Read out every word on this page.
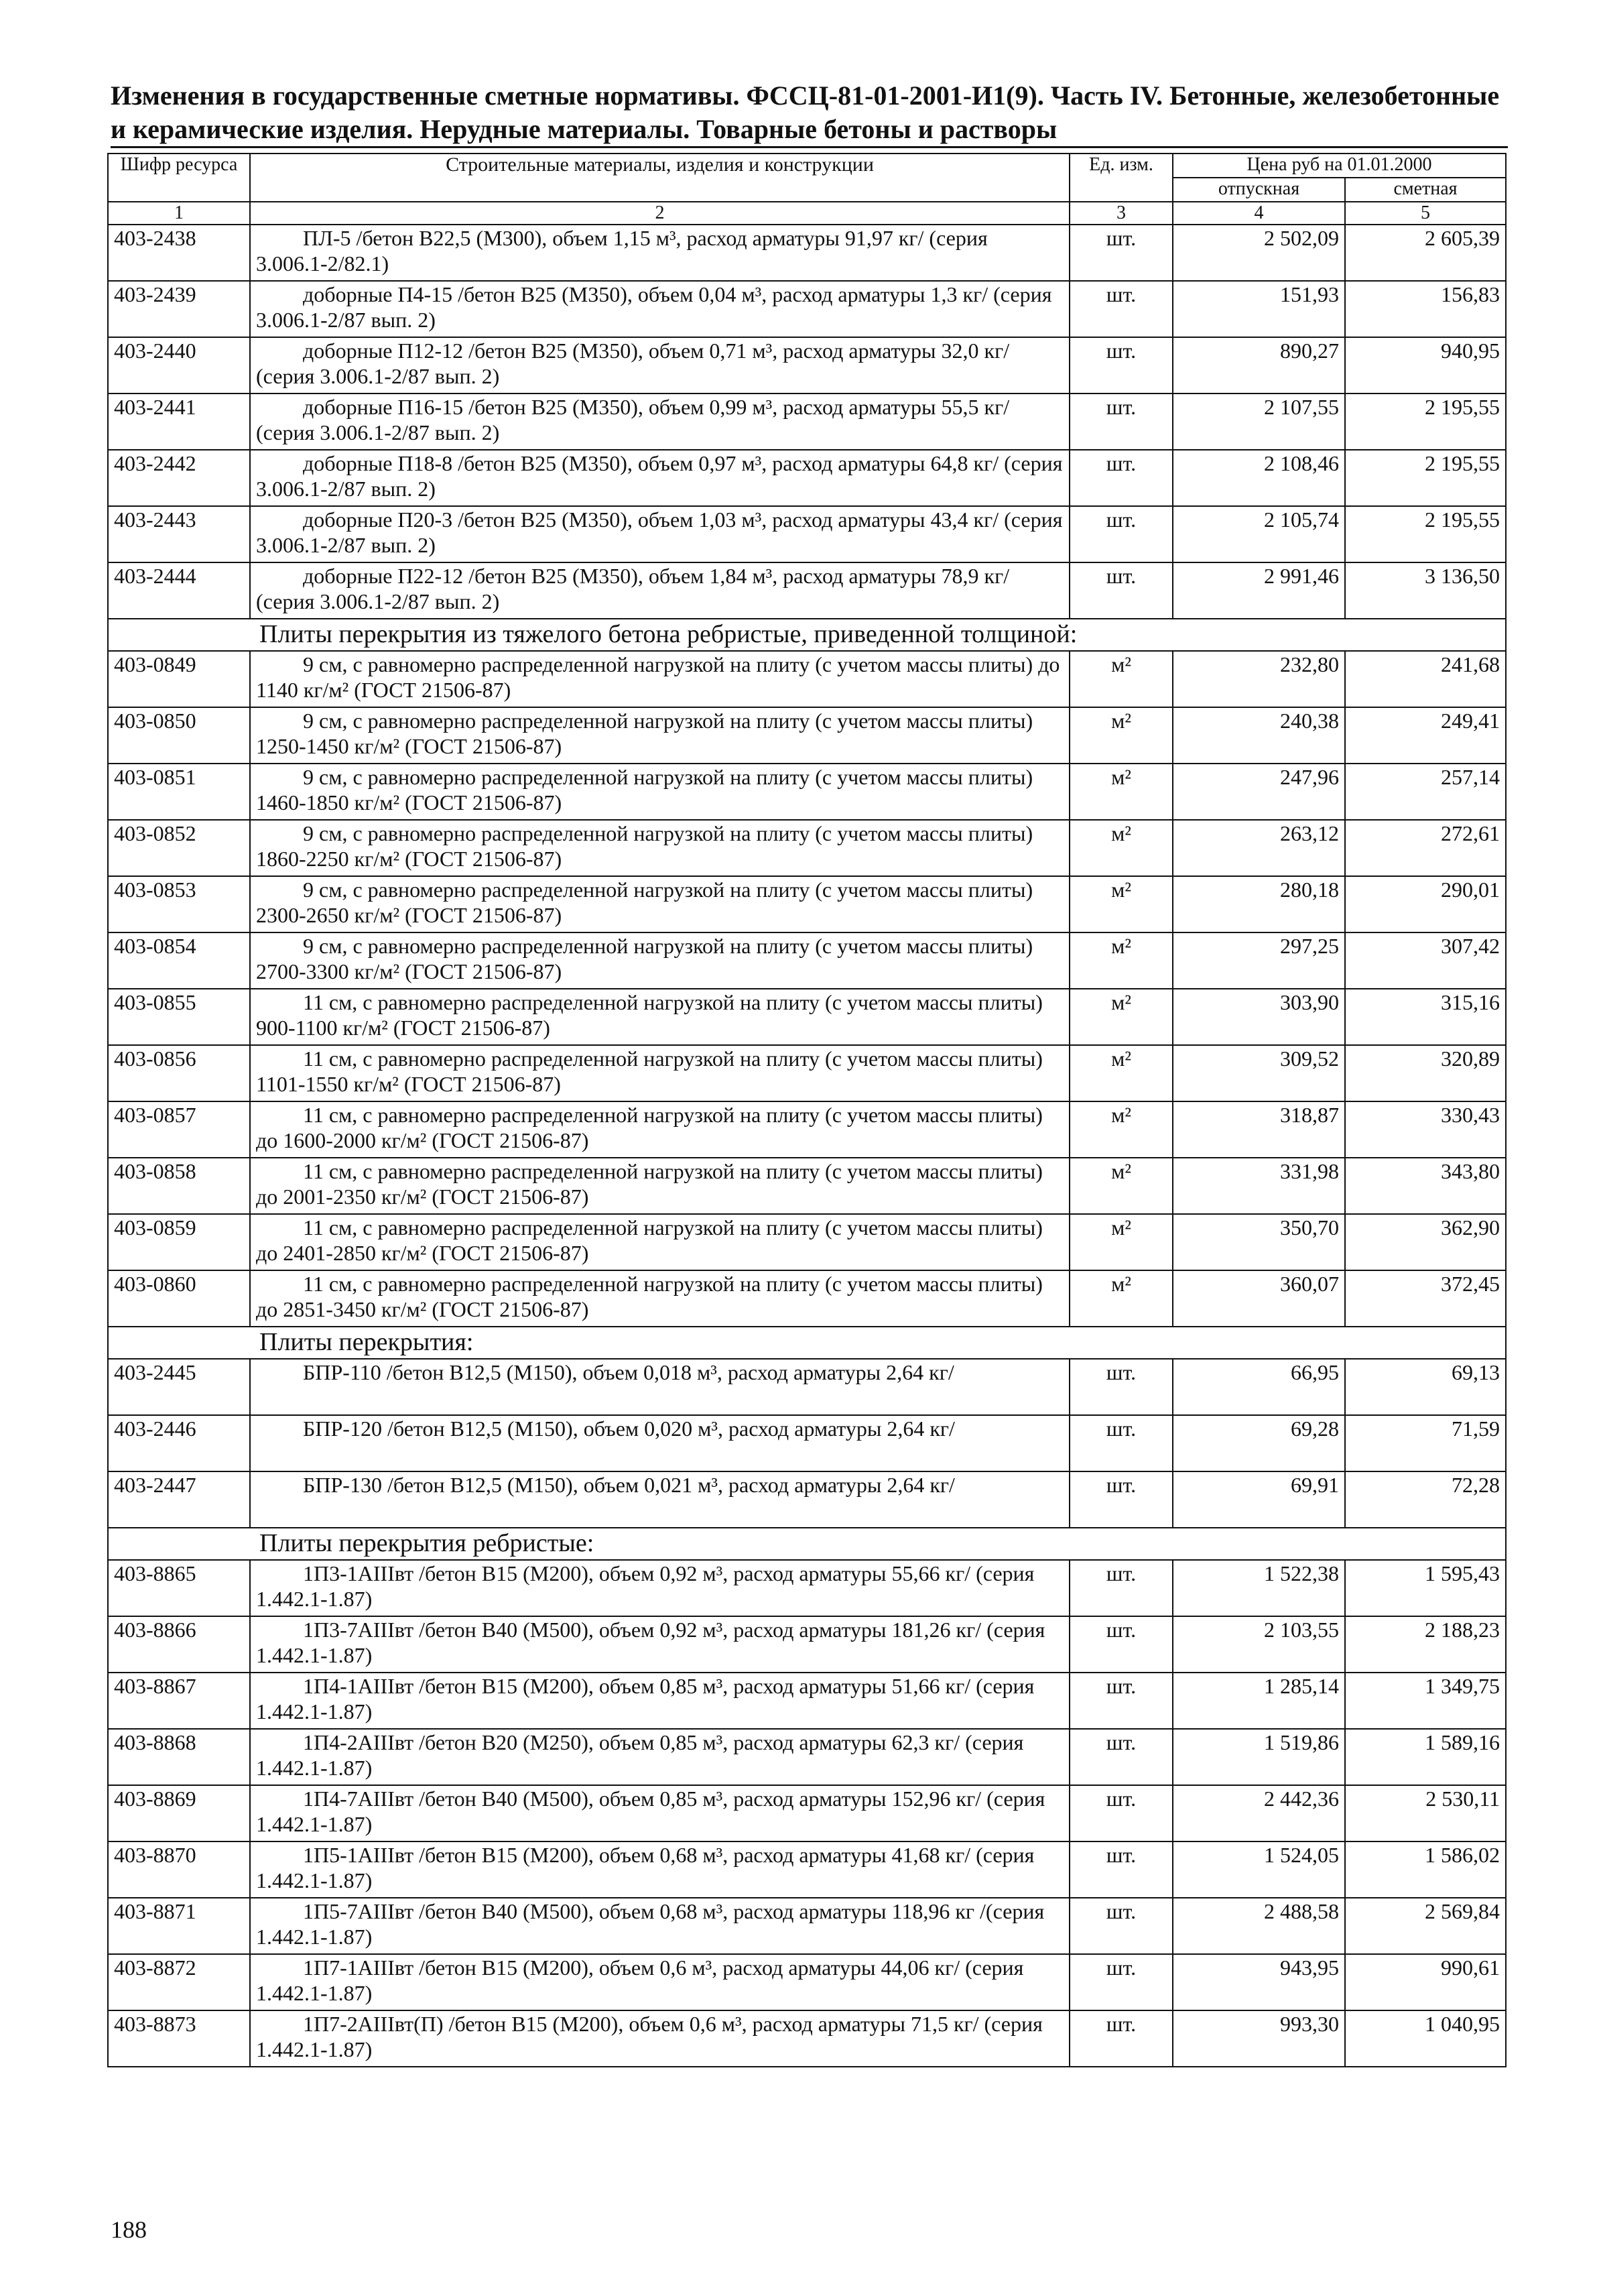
Изменения в государственные сметные нормативы. ФССЦ-81-01-2001-И1(9). Часть IV. Бетонные, железобетонные и керамические изделия. Нерудные материалы. Товарные бетоны и растворы
Шифр ресурса	Строительные материалы, изделия и конструкции	Ед. изм.	Цена руб на 01.01.2000	
			отпускная	сметная
1	2	3	4	5
403-2438	ПЛ-5 /бетон В22,5 (М300), объем 1,15 м³, расход арматуры 91,97 кг/ (серия 3.006.1-2/82.1)	шт.	2 502,09	2 605,39
403-2439	доборные П4-15 /бетон В25 (М350), объем 0,04 м³, расход арматуры 1,3 кг/ (серия 3.006.1-2/87 вып. 2)	шт.	151,93	156,83
403-2440	доборные П12-12 /бетон В25 (М350), объем 0,71 м³, расход арматуры 32,0 кг/ (серия 3.006.1-2/87 вып. 2)	шт.	890,27	940,95
403-2441	доборные П16-15 /бетон В25 (М350), объем 0,99 м³, расход арматуры 55,5 кг/ (серия 3.006.1-2/87 вып. 2)	шт.	2 107,55	2 195,55
403-2442	доборные П18-8 /бетон В25 (М350), объем 0,97 м³, расход арматуры 64,8 кг/ (серия 3.006.1-2/87 вып. 2)	шт.	2 108,46	2 195,55
403-2443	доборные П20-3 /бетон В25 (М350), объем 1,03 м³, расход арматуры 43,4 кг/ (серия 3.006.1-2/87 вып. 2)	шт.	2 105,74	2 195,55
403-2444	доборные П22-12 /бетон В25 (М350), объем 1,84 м³, расход арматуры 78,9 кг/ (серия 3.006.1-2/87 вып. 2)	шт.	2 991,46	3 136,50
Плиты перекрытия из тяжелого бетона ребристые, приведенной толщиной:				
403-0849	9 см, с равномерно распределенной нагрузкой на плиту (с учетом массы плиты) до 1140 кг/м² (ГОСТ 21506-87)	м²	232,80	241,68
403-0850	9 см, с равномерно распределенной нагрузкой на плиту (с учетом массы плиты) 1250-1450 кг/м² (ГОСТ 21506-87)	м²	240,38	249,41
403-0851	9 см, с равномерно распределенной нагрузкой на плиту (с учетом массы плиты) 1460-1850 кг/м² (ГОСТ 21506-87)	м²	247,96	257,14
403-0852	9 см, с равномерно распределенной нагрузкой на плиту (с учетом массы плиты) 1860-2250 кг/м² (ГОСТ 21506-87)	м²	263,12	272,61
403-0853	9 см, с равномерно распределенной нагрузкой на плиту (с учетом массы плиты) 2300-2650 кг/м² (ГОСТ 21506-87)	м²	280,18	290,01
403-0854	9 см, с равномерно распределенной нагрузкой на плиту (с учетом массы плиты) 2700-3300 кг/м² (ГОСТ 21506-87)	м²	297,25	307,42
403-0855	11 см, с равномерно распределенной нагрузкой на плиту (с учетом массы плиты) 900-1100 кг/м² (ГОСТ 21506-87)	м²	303,90	315,16
403-0856	11 см, с равномерно распределенной нагрузкой на плиту (с учетом массы плиты) 1101-1550 кг/м² (ГОСТ 21506-87)	м²	309,52	320,89
403-0857	11 см, с равномерно распределенной нагрузкой на плиту (с учетом массы плиты) до 1600-2000 кг/м² (ГОСТ 21506-87)	м²	318,87	330,43
403-0858	11 см, с равномерно распределенной нагрузкой на плиту (с учетом массы плиты) до 2001-2350 кг/м² (ГОСТ 21506-87)	м²	331,98	343,80
403-0859	11 см, с равномерно распределенной нагрузкой на плиту (с учетом массы плиты) до 2401-2850 кг/м² (ГОСТ 21506-87)	м²	350,70	362,90
403-0860	11 см, с равномерно распределенной нагрузкой на плиту (с учетом массы плиты) до 2851-3450 кг/м² (ГОСТ 21506-87)	м²	360,07	372,45
Плиты перекрытия:				
403-2445	БПР-110 /бетон В12,5 (М150), объем 0,018 м³, расход арматуры 2,64 кг/	шт.	66,95	69,13
403-2446	БПР-120 /бетон В12,5 (М150), объем 0,020 м³, расход арматуры 2,64 кг/	шт.	69,28	71,59
403-2447	БПР-130 /бетон В12,5 (М150), объем 0,021 м³, расход арматуры 2,64 кг/	шт.	69,91	72,28
Плиты перекрытия ребристые:				
403-8865	1П3-1АIIIвт /бетон В15 (М200), объем 0,92 м³, расход арматуры 55,66 кг/ (серия 1.442.1-1.87)	шт.	1 522,38	1 595,43
403-8866	1П3-7АIIIвт /бетон В40 (М500), объем 0,92 м³, расход арматуры 181,26 кг/ (серия 1.442.1-1.87)	шт.	2 103,55	2 188,23
403-8867	1П4-1АIIIвт /бетон В15 (М200), объем 0,85 м³, расход арматуры 51,66 кг/ (серия 1.442.1-1.87)	шт.	1 285,14	1 349,75
403-8868	1П4-2АIIIвт /бетон В20 (М250), объем 0,85 м³, расход арматуры 62,3 кг/ (серия 1.442.1-1.87)	шт.	1 519,86	1 589,16
403-8869	1П4-7АIIIвт /бетон В40 (М500), объем 0,85 м³, расход арматуры 152,96 кг/ (серия 1.442.1-1.87)	шт.	2 442,36	2 530,11
403-8870	1П5-1АIIIвт /бетон В15 (М200), объем 0,68 м³, расход арматуры 41,68 кг/ (серия 1.442.1-1.87)	шт.	1 524,05	1 586,02
403-8871	1П5-7АIIIвт /бетон В40 (М500), объем 0,68 м³, расход арматуры 118,96 кг /(серия 1.442.1-1.87)	шт.	2 488,58	2 569,84
403-8872	1П7-1АIIIвт /бетон В15 (М200), объем 0,6 м³, расход арматуры 44,06 кг/ (серия 1.442.1-1.87)	шт.	943,95	990,61
403-8873	1П7-2АIIIвт(П) /бетон В15 (М200), объем 0,6 м³, расход арматуры 71,5 кг/ (серия 1.442.1-1.87)	шт.	993,30	1 040,95
188
